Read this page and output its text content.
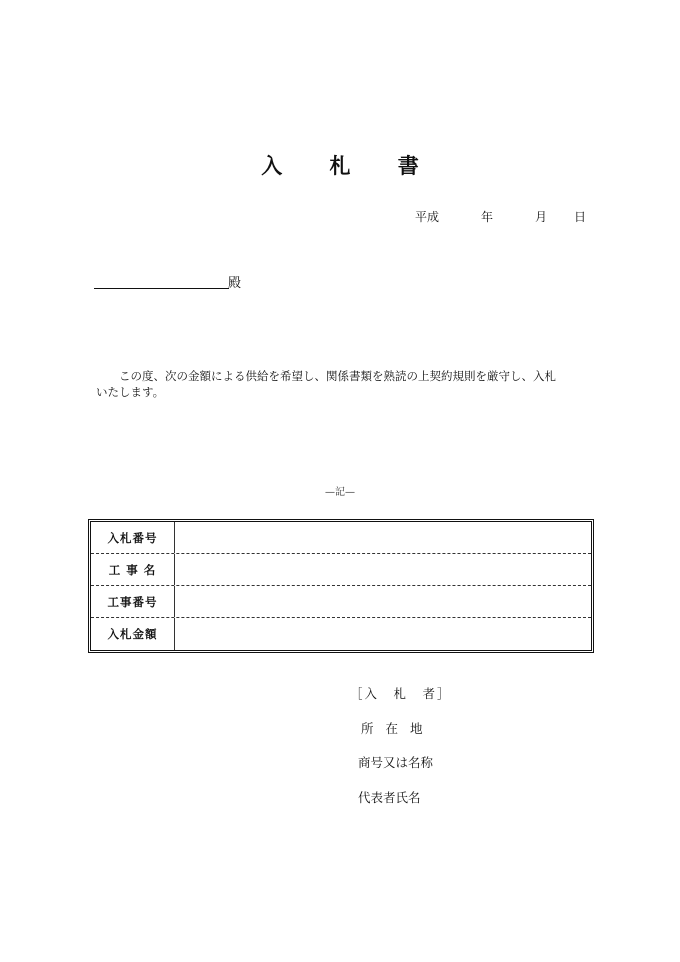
入 札 書
平成	年	月 日
殿
この度、次の金額による供給を希望し、関係書類を熟読の上契約規則を厳守し、入札
いたします。
—記—
入札番号
工 事 名
工事番号
入札金額
［入　札　者］
所在地
商号又は名称
代表者氏名
